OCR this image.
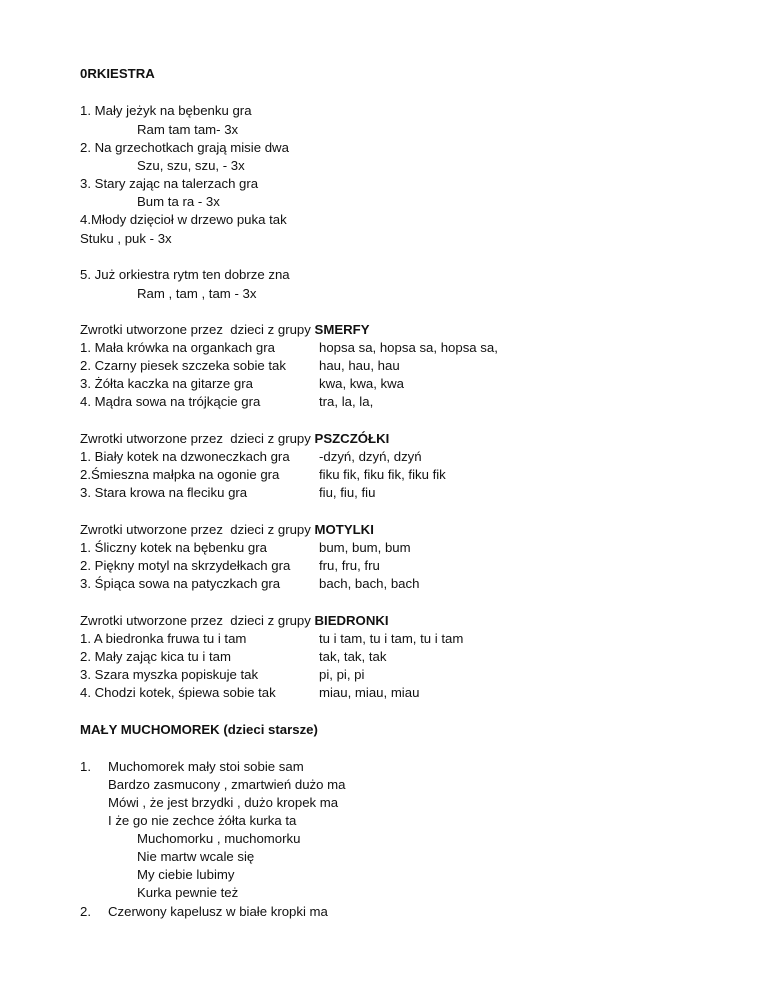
0RKIESTRA
1. Mały jeżyk na bębenku gra
Ram tam tam- 3x
2. Na grzechotkach grają misie dwa
Szu, szu, szu, - 3x
3. Stary zając na talerzach gra
Bum ta ra - 3x
4.Młody dzięcioł w drzewo puka tak
Stuku , puk - 3x
5. Już orkiestra rytm ten dobrze zna
Ram , tam , tam - 3x
Zwrotki utworzone przez  dzieci z grupy SMERFY
1. Mała krówka na organkach gra	hopsa sa, hopsa sa, hopsa sa,
2. Czarny piesek szczeka sobie tak	hau, hau, hau
3. Żółta kaczka na gitarze gra	kwa, kwa, kwa
4. Mądra sowa na trójkącie gra	tra, la, la,
Zwrotki utworzone przez  dzieci z grupy PSZCZÓŁKI
1. Biały kotek na dzwoneczkach gra -dzyń, dzyń, dzyń
2.Śmieszna małpka na ogonie gra	fiku fik, fiku fik, fiku fik
3. Stara krowa na fleciku gra	fiu, fiu, fiu
Zwrotki utworzone przez  dzieci z grupy MOTYLKI
1. Śliczny kotek na bębenku gra	bum, bum, bum
2. Piękny motyl na skrzydełkach gra fru, fru, fru
3. Śpiąca sowa na patyczkach gra	bach, bach, bach
Zwrotki utworzone przez  dzieci z grupy BIEDRONKI
1. A biedronka fruwa tu i tam	tu i tam, tu i tam, tu i tam
2. Mały zając kica tu i tam	tak, tak, tak
3. Szara myszka popiskuje tak	pi, pi, pi
4. Chodzi kotek, śpiewa sobie tak	miau, miau, miau
MAŁY MUCHOMOREK (dzieci starsze)
1. Muchomorek mały stoi sobie sam
Bardzo zasmucony , zmartwień dużo ma
Mówi , że jest brzydki , dużo kropek ma
I że go nie zechce żółta kurka ta
Muchomorku , muchomorku
Nie martw wcale się
My ciebie lubimy
Kurka pewnie też
2. Czerwony kapelusz w białe kropki ma
